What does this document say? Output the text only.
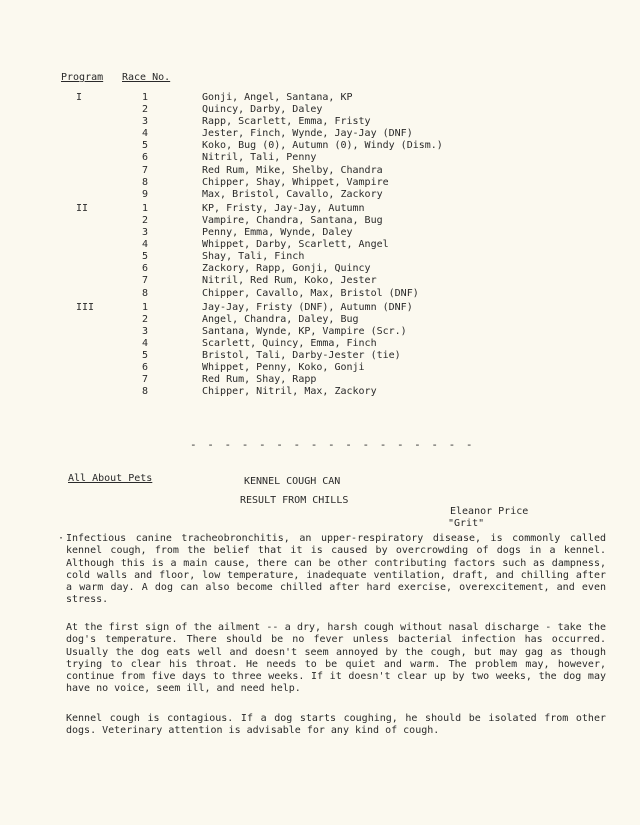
Program Race No.
I	1	Gonji, Angel, Santana, KP
2	Quincy, Darby, Daley
3	Rapp, Scarlett, Emma, Fristy
4	Jester, Finch, Wynde, Jay-Jay (DNF)
5	Koko, Bug (0), Autumn (0), Windy (Dism.)
6	Nitril, Tali, Penny
7	Red Rum, Mike, Shelby, Chandra
8	Chipper, Shay, Whippet, Vampire
9	Max, Bristol, Cavallo, Zackory
II	1	KP, Fristy, Jay-Jay, Autumn
2	Vampire, Chandra, Santana, Bug
3	Penny, Emma, Wynde, Daley
4	Whippet, Darby, Scarlett, Angel
5	Shay, Tali, Finch
6	Zackory, Rapp, Gonji, Quincy
7	Nitril, Red Rum, Koko, Jester
8	Chipper, Cavallo, Max, Bristol (DNF)
III	1	Jay-Jay, Fristy (DNF), Autumn (DNF)
2	Angel, Chandra, Daley, Bug
3	Santana, Wynde, KP, Vampire (Scr.)
4	Scarlett, Quincy, Emma, Finch
5	Bristol, Tali, Darby-Jester (tie)
6	Whippet, Penny, Koko, Gonji
7	Red Rum, Shay, Rapp
8	Chipper, Nitril, Max, Zackory
- - - - - - - - - - - - - - - - -
All About Pets	KENNEL COUGH CAN
RESULT FROM CHILLS
Eleanor Price
"Grit"
· Infectious canine tracheobronchitis, an upper-respiratory disease, is commonly called kennel cough, from the belief that it is caused by overcrowding of dogs in a kennel. Although this is a main cause, there can be other contributing factors such as dampness, cold walls and floor, low temperature, inadequate ventilation, draft, and chilling after a warm day. A dog can also become chilled after hard exercise, overexcitement, and even stress.

At the first sign of the ailment -- a dry, harsh cough without nasal discharge - take the dog's temperature. There should be no fever unless bacterial infection has occurred. Usually the dog eats well and doesn't seem annoyed by the cough, but may gag as though trying to clear his throat. He needs to be quiet and warm. The problem may, however, continue from five days to three weeks. If it doesn't clear up by two weeks, the dog may have no voice, seem ill, and need help.

Kennel cough is contagious. If a dog starts coughing, he should be isolated from other dogs. Veterinary attention is advisable for any kind of cough.
